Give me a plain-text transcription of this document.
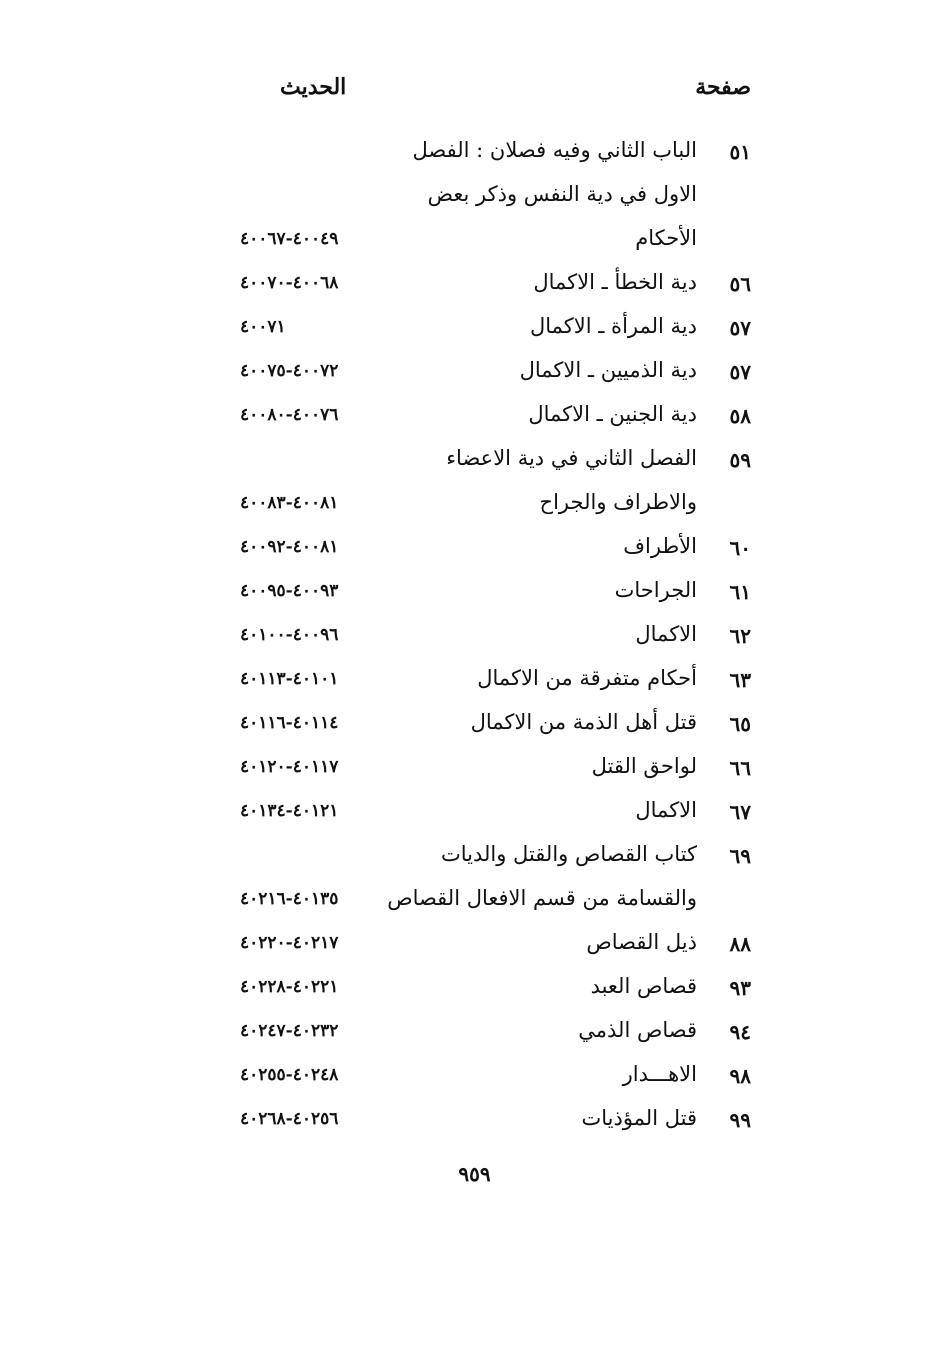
صفحة
الحديث
٥١
الباب الثاني وفيه فصلان : الفصل
الاول في دية النفس وذكر بعض
الأحكام
٤٠٠٤٩-٤٠٠٦٧
٥٦
دية الخطأ ـ الاكمال
٤٠٠٦٨-٤٠٠٧٠
٥٧
دية المرأة ـ الاكمال
٤٠٠٧١
٥٧
دية الذميين ـ الاكمال
٤٠٠٧٢-٤٠٠٧٥
٥٨
دية الجنين ـ الاكمال
٤٠٠٧٦-٤٠٠٨٠
٥٩
الفصل الثاني في دية الاعضاء
والاطراف والجراح
٤٠٠٨١-٤٠٠٨٣
٦٠
الأطراف
٤٠٠٨١-٤٠٠٩٢
٦١
الجراحات
٤٠٠٩٣-٤٠٠٩٥
٦٢
الاكمال
٤٠٠٩٦-٤٠١٠٠
٦٣
أحكام متفرقة من الاكمال
٤٠١٠١-٤٠١١٣
٦٥
قتل أهل الذمة من الاكمال
٤٠١١٤-٤٠١١٦
٦٦
لواحق القتل
٤٠١١٧-٤٠١٢٠
٦٧
الاكمال
٤٠١٢١-٤٠١٣٤
٦٩
كتاب القصاص والقتل والديات
والقسامة من قسم الافعال القصاص
٤٠١٣٥-٤٠٢١٦
٨٨
ذيل القصاص
٤٠٢١٧-٤٠٢٢٠
٩٣
قصاص العبد
٤٠٢٢١-٤٠٢٢٨
٩٤
قصاص الذمي
٤٠٢٣٢-٤٠٢٤٧
٩٨
الاهـــدار
٤٠٢٤٨-٤٠٢٥٥
٩٩
قتل المؤذيات
٤٠٢٥٦-٤٠٢٦٨
٩٥٩
